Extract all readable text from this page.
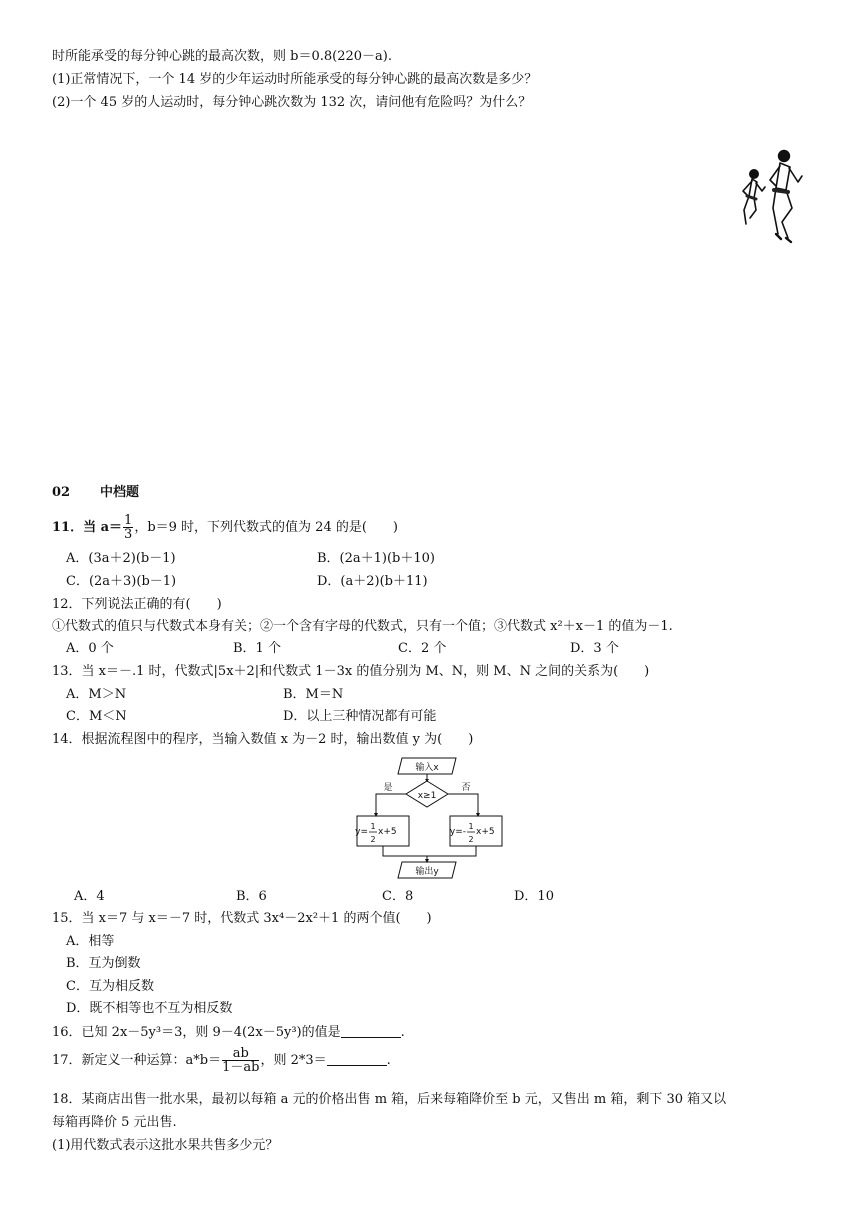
时所能承受的每分钟心跳的最高次数，则 b＝0.8(220－a).
(1)正常情况下，一个 14 岁的少年运动时所能承受的每分钟心跳的最高次数是多少？
(2)一个 45 岁的人运动时，每分钟心跳次数为 132 次，请问他有危险吗？为什么？
02 中档题
11．当 $a= \frac{1}{3}$ ，b＝9 时，下列代数式的值为 24 的是(　　)
A．(3a＋2)(b－1)	B．(2a＋1)(b＋10)
C．(2a＋3)(b－1)	D．(a＋2)(b＋11)
12．下列说法正确的有(　　)
①代数式的值只与代数式本身有关；②一个含有字母的代数式，只有一个值；③代数式 x²＋x－1 的值为－1.
A．0 个	B．1 个	C．2 个	D．3 个
13．当 x＝－.1 时，代数式|5x＋2|和代数式 1－3x 的值分别为 M、N，则 M、N 之间的关系为(　　)
A．M＞N	B．M＝N
C．M＜N	D．以上三种情况都有可能
14．根据流程图中的程序，当输入数值 x 为－2 时，输出数值 y 为(　　)
输入x
x≥1
是	否
y=
1
2
x+5	y=-
1
2
x+5
输出y
A．4	B．6	C．8	D．10
15．当 x＝7 与 x＝－7 时，代数式 3x⁴－2x²＋1 的两个值(　　)
A．相等
B．互为倒数
C．互为相反数
D．既不相等也不互为相反数
16．已知 2x－5y³＝3，则 9－4(2x－5y³)的值是	.
17．新定义一种运算：$a*b= \frac{ab}{1-ab}$ ，则 2*3＝	.
18．某商店出售一批水果，最初以每箱 a 元的价格出售 m 箱，后来每箱降价至 b 元，又售出 m 箱，剩下 30 箱又以
每箱再降价 5 元出售.
(1)用代数式表示这批水果共售多少元？
